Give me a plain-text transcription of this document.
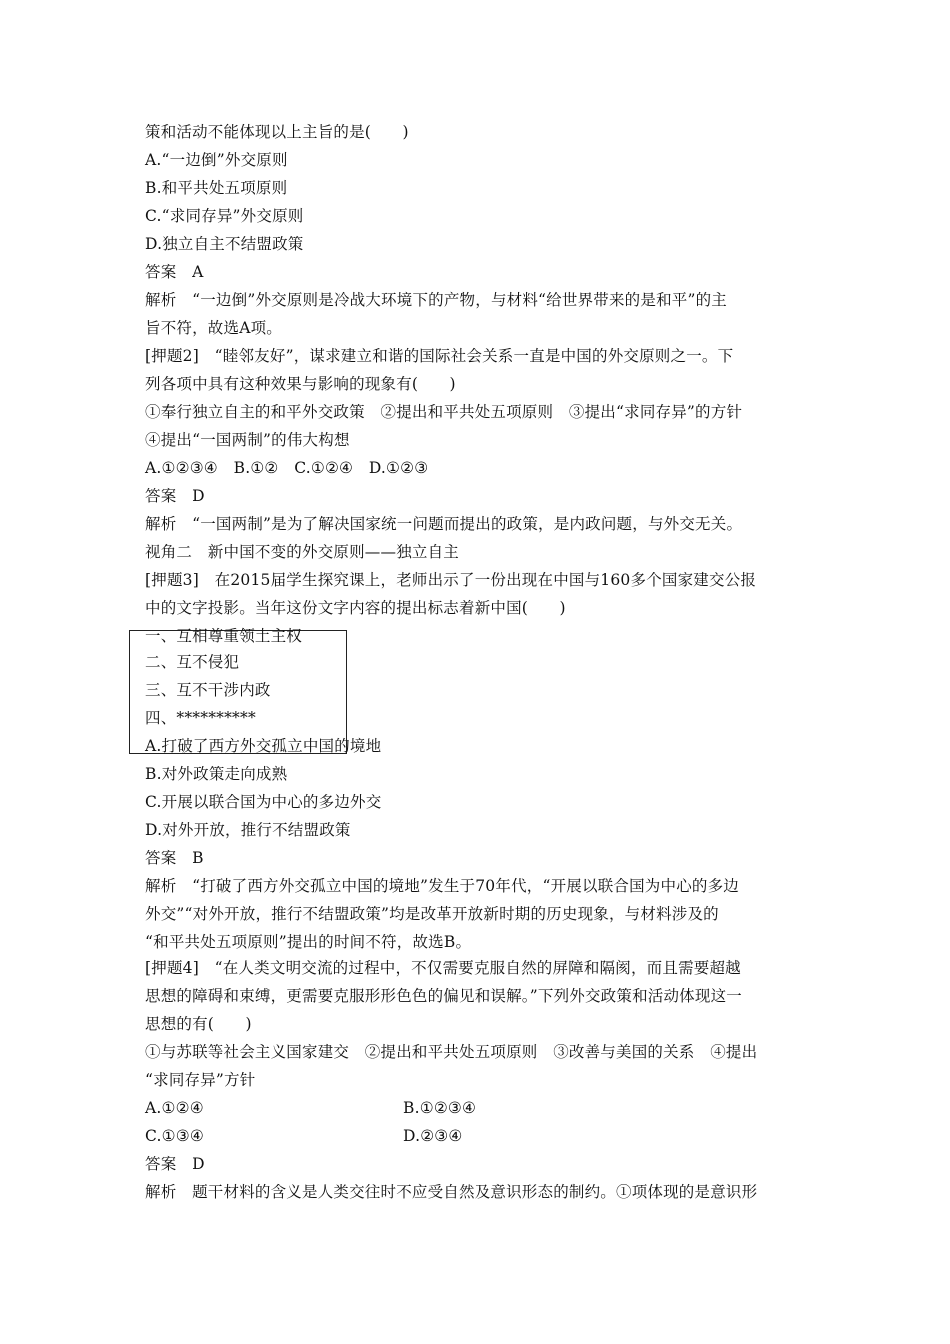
策和活动不能体现以上主旨的是(　　)
A.“一边倒”外交原则
B.和平共处五项原则
C.“求同存异”外交原则
D.独立自主不结盟政策
答案　A
解析　“一边倒”外交原则是冷战大环境下的产物，与材料“给世界带来的是和平”的主
旨不符，故选A项。
[押题2]　“睦邻友好”，谋求建立和谐的国际社会关系一直是中国的外交原则之一。下
列各项中具有这种效果与影响的现象有(　　)
①奉行独立自主的和平外交政策　②提出和平共处五项原则　③提出“求同存异”的方针
④提出“一国两制”的伟大构想
A.①②③④　B.①②　C.①②④　D.①②③
答案　D
解析　“一国两制”是为了解决国家统一问题而提出的政策，是内政问题，与外交无关。
视角二　新中国不变的外交原则——独立自主
[押题3]　在2015届学生探究课上，老师出示了一份出现在中国与160多个国家建交公报
中的文字投影。当年这份文字内容的提出标志着新中国(　　)
一、互相尊重领土主权
二、互不侵犯
三、互不干涉内政
四、**********
A.打破了西方外交孤立中国的境地
B.对外政策走向成熟
C.开展以联合国为中心的多边外交
D.对外开放，推行不结盟政策
答案　B
解析　“打破了西方外交孤立中国的境地”发生于70年代，“开展以联合国为中心的多边
外交”“对外开放，推行不结盟政策”均是改革开放新时期的历史现象，与材料涉及的
“和平共处五项原则”提出的时间不符，故选B。
[押题4]　“在人类文明交流的过程中，不仅需要克服自然的屏障和隔阂，而且需要超越
思想的障碍和束缚，更需要克服形形色色的偏见和误解。”下列外交政策和活动体现这一
思想的有(　　)
①与苏联等社会主义国家建交　②提出和平共处五项原则　③改善与美国的关系　④提出
“求同存异”方针
A.①②④	B.①②③④
C.①③④	D.②③④
答案　D
解析　题干材料的含义是人类交往时不应受自然及意识形态的制约。①项体现的是意识形
